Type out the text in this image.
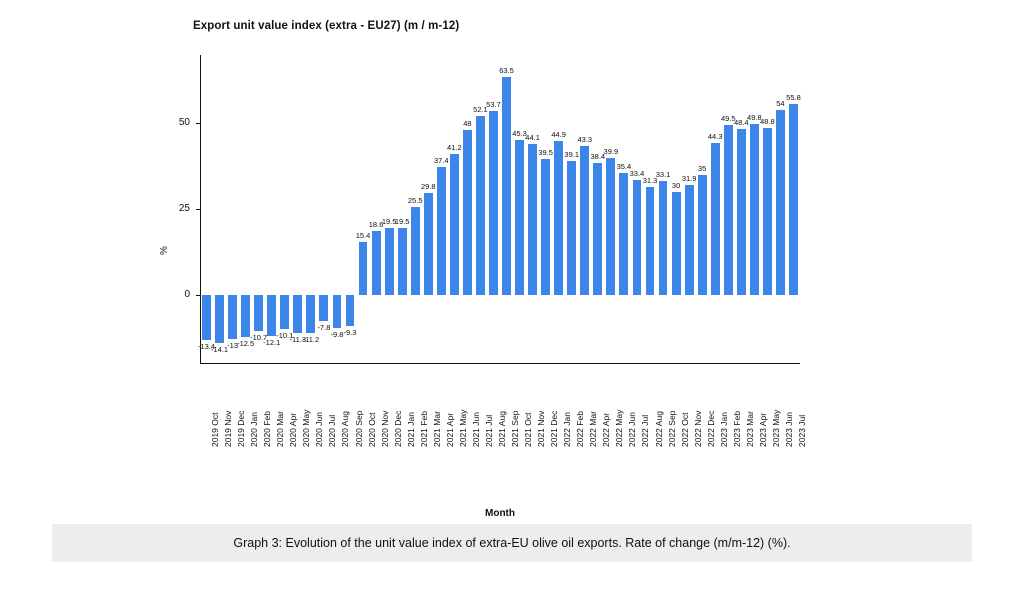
Export unit value index (extra - EU27) (m / m-12)
%
0
25
50
-13.4
-14.1 -13 -12.5
-10.7
-12.1
-10.1
-11.3
-11.2
-7.8
-9.8 -9.3
15.4
18.6
19.5
19.5
25.5
29.8
37.4
41.2
48
52.1
53.7
63.5
45.3
44.1
39.5
44.9
39.1
43.3
38.4
39.9
35.4
33.4
31.3
33.1
30
31.9
35
44.3
49.5
48.4
49.8
48.8
54
55.8
2019 Oct 2019 Nov 2019 Dec 2020 Jan 2020 Feb 2020 Mar 2020 Apr 2020 May 2020 Jun 2020 Jul 2020 Aug 2020 Sep 2020 Oct 2020 Nov 2020 Dec 2021 Jan 2021 Feb 2021 Mar 2021 Apr 2021 May 2021 Jun 2021 Jul 2021 Aug 2021 Sep 2021 Oct 2021 Nov 2021 Dec 2022 Jan 2022 Feb 2022 Mar 2022 Apr 2022 May 2022 Jun 2022 Jul 2022 Aug 2022 Sep 2022 Oct 2022 Nov 2022 Dec 2023 Jan 2023 Feb 2023 Mar 2023 Apr 2023 May 2023 Jun 2023 Jul
Month
Graph 3: Evolution of the unit value index of extra-EU olive oil exports. Rate of change (m/m-12) (%).
